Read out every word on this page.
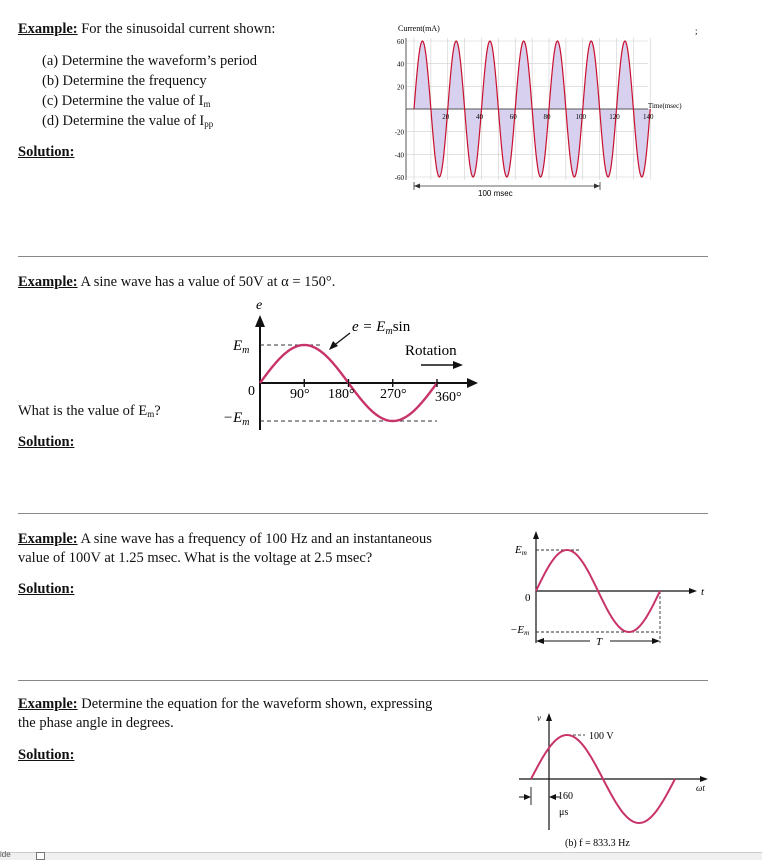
Example: For the sinusoidal current shown:
(a) Determine the waveform’s period
(b) Determine the frequency
(c) Determine the value of $I_m$
(d) Determine the value of $I_{pp}$
Solution:
Current(mA)
60
40
20
-20
-40
-60
20	40	60	80	100	120	140
Time(msec)
100 msec
;
Example: A sine wave has a value of 50V at α = 150°.
What is the value of $E_m$?
Solution:
e
$E_m$
0
$-E_m$
90° 180° 270° 360°
$e = E_m\sin$
Rotation
Example: A sine wave has a frequency of 100 Hz and an instantaneous
value of 100V at 1.25 msec. What is the voltage at 2.5 msec?
Solution:
Em
0
−Em
t
T
Example: Determine the equation for the waveform shown, expressing
the phase angle in degrees.
Solution:
v
100 V
ωt
160
μs
(b) f = 833.3 Hz
ide
